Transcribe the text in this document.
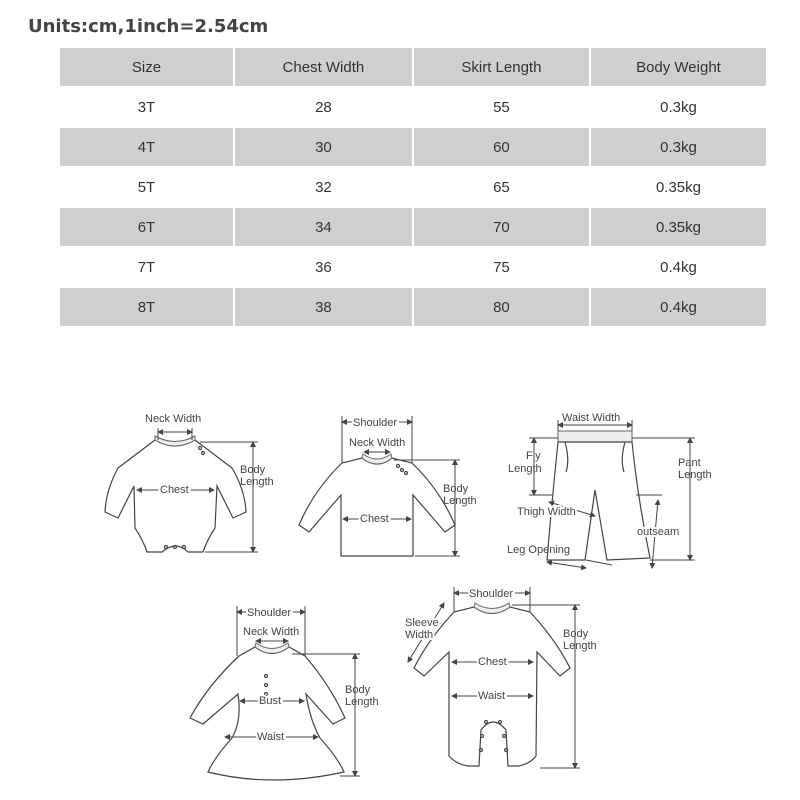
Units:cm,1inch=2.54cm
Size	Chest Width	Skirt Length	Body Weight
3T	28	55	0.3kg
4T	30	60	0.3kg
5T	32	65	0.35kg
6T	34	70	0.35kg
7T	36	75	0.4kg
8T	38	80	0.4kg
Neck Width
Chest
Body
Length
Shoulder
Neck Width
Chest
Body
Length
Waist Width
Fly
Length	Pant
Length
Thigh Width
outseam
Leg Opening
Shoulder
Neck Width
Bust
Waist
Body
Length
Shoulder
Sleeve
Width
Chest
Waist
Body
Length
